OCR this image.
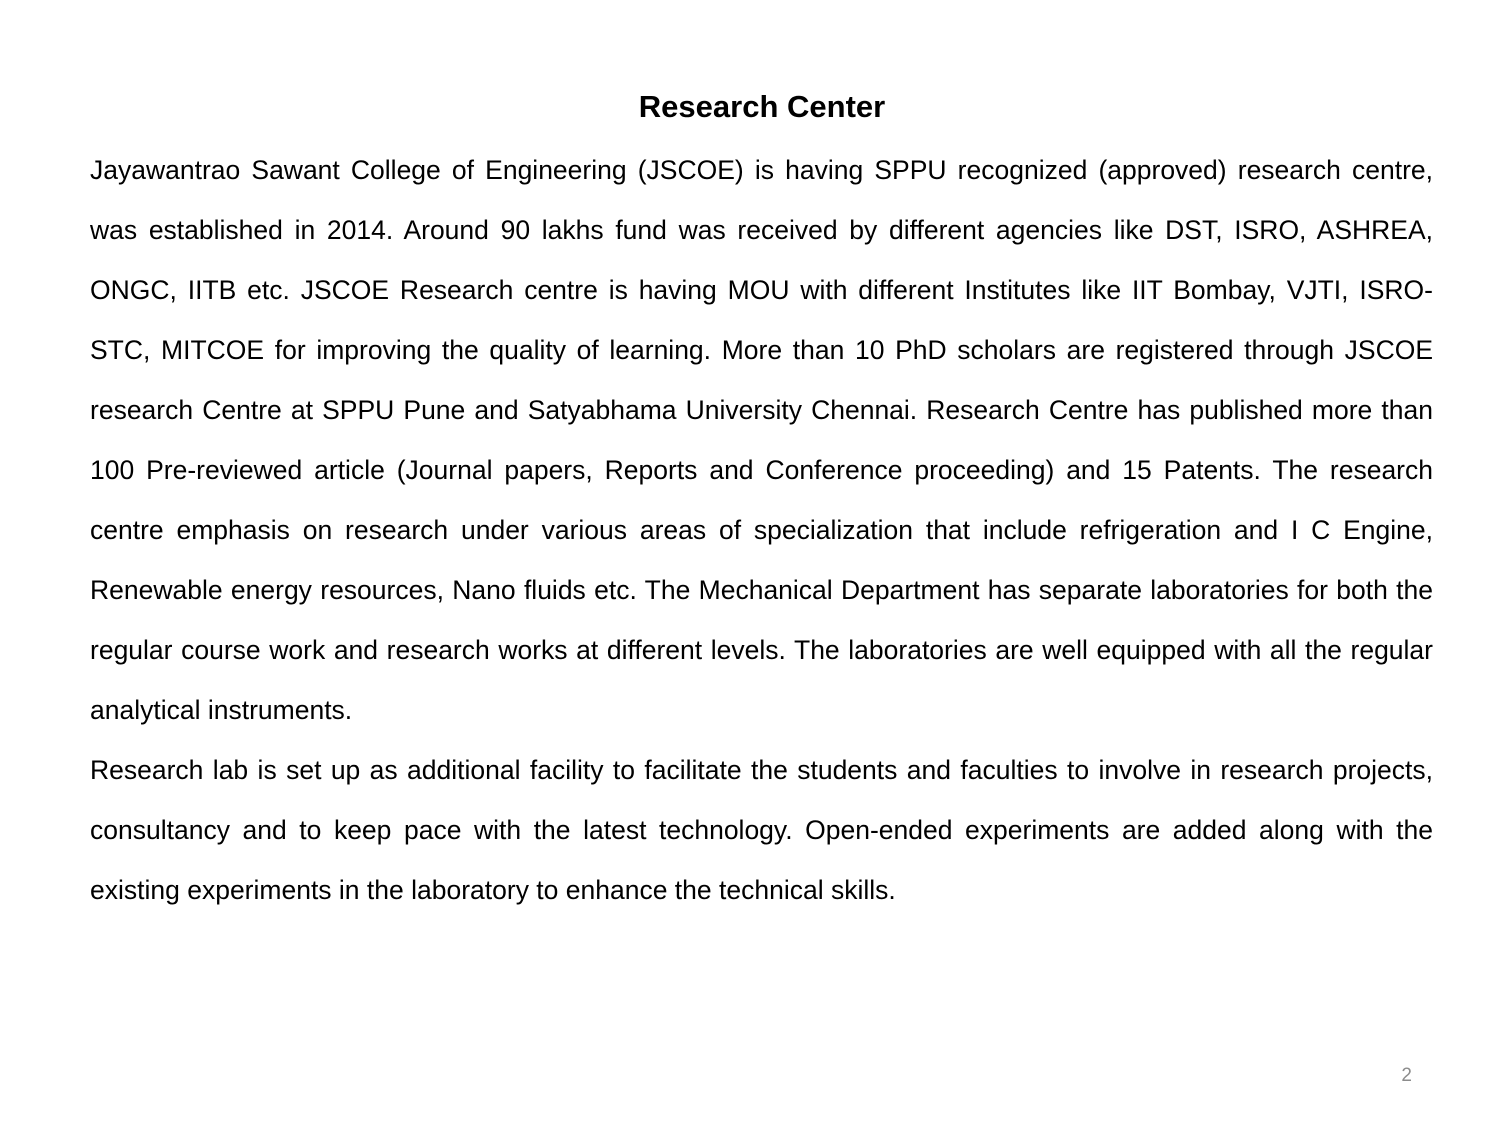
Research Center

Jayawantrao Sawant College of Engineering (JSCOE) is having SPPU recognized (approved) research centre, was established in 2014. Around 90 lakhs fund was received by different agencies like DST, ISRO, ASHREA, ONGC, IITB etc. JSCOE Research centre is having MOU with different Institutes like IIT Bombay, VJTI, ISRO-STC, MITCOE for improving the quality of learning. More than 10 PhD scholars are registered through JSCOE research Centre at SPPU Pune and Satyabhama University Chennai. Research Centre has published more than 100 Pre-reviewed article (Journal papers, Reports and Conference proceeding) and 15 Patents. The research centre emphasis on research under various areas of specialization that include refrigeration and I C Engine, Renewable energy resources, Nano fluids etc. The Mechanical Department has separate laboratories for both the regular course work and research works at different levels. The laboratories are well equipped with all the regular analytical instruments.

Research lab is set up as additional facility to facilitate the students and faculties to involve in research projects, consultancy and to keep pace with the latest technology. Open-ended experiments are added along with the existing experiments in the laboratory to enhance the technical skills.

2
